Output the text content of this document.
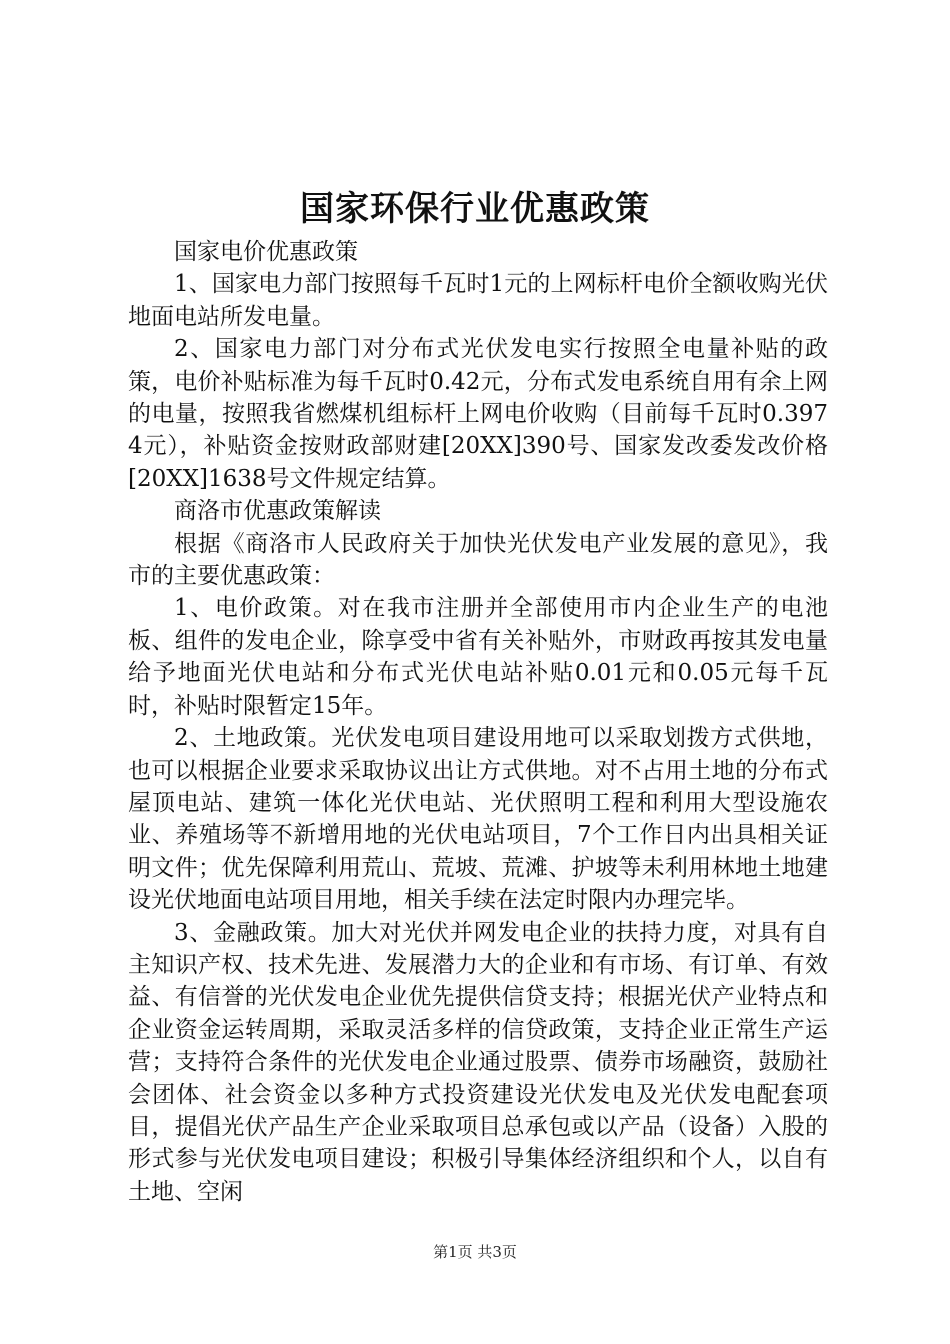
国家环保行业优惠政策

国家电价优惠政策

1、国家电力部门按照每千瓦时1元的上网标杆电价全额收购光伏地面电站所发电量。

2、国家电力部门对分布式光伏发电实行按照全电量补贴的政策，电价补贴标准为每千瓦时0.42元，分布式发电系统自用有余上网的电量，按照我省燃煤机组标杆上网电价收购（目前每千瓦时0.3974元），补贴资金按财政部财建[20XX]390号、国家发改委发改价格[20XX]1638号文件规定结算。

商洛市优惠政策解读

根据《商洛市人民政府关于加快光伏发电产业发展的意见》，我市的主要优惠政策：

1、电价政策。对在我市注册并全部使用市内企业生产的电池板、组件的发电企业，除享受中省有关补贴外，市财政再按其发电量给予地面光伏电站和分布式光伏电站补贴0.01元和0.05元每千瓦时，补贴时限暂定15年。

2、土地政策。光伏发电项目建设用地可以采取划拨方式供地，也可以根据企业要求采取协议出让方式供地。对不占用土地的分布式屋顶电站、建筑一体化光伏电站、光伏照明工程和利用大型设施农业、养殖场等不新增用地的光伏电站项目，7个工作日内出具相关证明文件；优先保障利用荒山、荒坡、荒滩、护坡等未利用林地土地建设光伏地面电站项目用地，相关手续在法定时限内办理完毕。

3、金融政策。加大对光伏并网发电企业的扶持力度，对具有自主知识产权、技术先进、发展潜力大的企业和有市场、有订单、有效益、有信誉的光伏发电企业优先提供信贷支持；根据光伏产业特点和企业资金运转周期，采取灵活多样的信贷政策，支持企业正常生产运营；支持符合条件的光伏发电企业通过股票、债券市场融资，鼓励社会团体、社会资金以多种方式投资建设光伏发电及光伏发电配套项目，提倡光伏产品生产企业采取项目总承包或以产品（设备）入股的形式参与光伏发电项目建设；积极引导集体经济组织和个人，以自有土地、空闲

第1页 共3页
